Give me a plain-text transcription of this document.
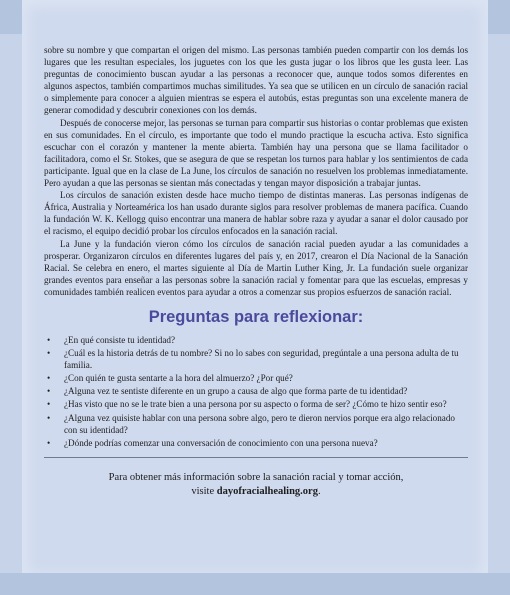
sobre su nombre y que compartan el origen del mismo. Las personas también pueden compartir con los demás los lugares que les resultan especiales, los juguetes con los que les gusta jugar o los libros que les gusta leer. Las preguntas de conocimiento buscan ayudar a las personas a reconocer que, aunque todos somos diferentes en algunos aspectos, también compartimos muchas similitudes. Ya sea que se utilicen en un círculo de sanación racial o simplemente para conocer a alguien mientras se espera el autobús, estas preguntas son una excelente manera de generar comodidad y descubrir conexiones con los demás.

Después de conocerse mejor, las personas se turnan para compartir sus historias o contar problemas que existen en sus comunidades. En el círculo, es importante que todo el mundo practique la escucha activa. Esto significa escuchar con el corazón y mantener la mente abierta. También hay una persona que se llama facilitador o facilitadora, como el Sr. Stokes, que se asegura de que se respetan los turnos para hablar y los sentimientos de cada participante. Igual que en la clase de La June, los círculos de sanación no resuelven los problemas inmediatamente. Pero ayudan a que las personas se sientan más conectadas y tengan mayor disposición a trabajar juntas.

Los círculos de sanación existen desde hace mucho tiempo de distintas maneras. Las personas indígenas de África, Australia y Norteamérica los han usado durante siglos para resolver problemas de manera pacífica. Cuando la fundación W. K. Kellogg quiso encontrar una manera de hablar sobre raza y ayudar a sanar el dolor causado por el racismo, el equipo decidió probar los círculos enfocados en la sanación racial.

La June y la fundación vieron cómo los círculos de sanación racial pueden ayudar a las comunidades a prosperar. Organizaron círculos en diferentes lugares del país y, en 2017, crearon el Día Nacional de la Sanación Racial. Se celebra en enero, el martes siguiente al Día de Martin Luther King, Jr. La fundación suele organizar grandes eventos para enseñar a las personas sobre la sanación racial y fomentar para que las escuelas, empresas y comunidades también realicen eventos para ayudar a otros a comenzar sus propios esfuerzos de sanación racial.

Preguntas para reflexionar:
• ¿En qué consiste tu identidad?
• ¿Cuál es la historia detrás de tu nombre? Si no lo sabes con seguridad, pregúntale a una persona adulta de tu familia.
• ¿Con quién te gusta sentarte a la hora del almuerzo? ¿Por qué?
• ¿Alguna vez te sentiste diferente en un grupo a causa de algo que forma parte de tu identidad?
• ¿Has visto que no se le trate bien a una persona por su aspecto o forma de ser? ¿Cómo te hizo sentir eso?
• ¿Alguna vez quisiste hablar con una persona sobre algo, pero te dieron nervios porque era algo relacionado con su identidad?
• ¿Dónde podrías comenzar una conversación de conocimiento con una persona nueva?
Para obtener más información sobre la sanación racial y tomar acción,
visite dayofracialhealing.org.
